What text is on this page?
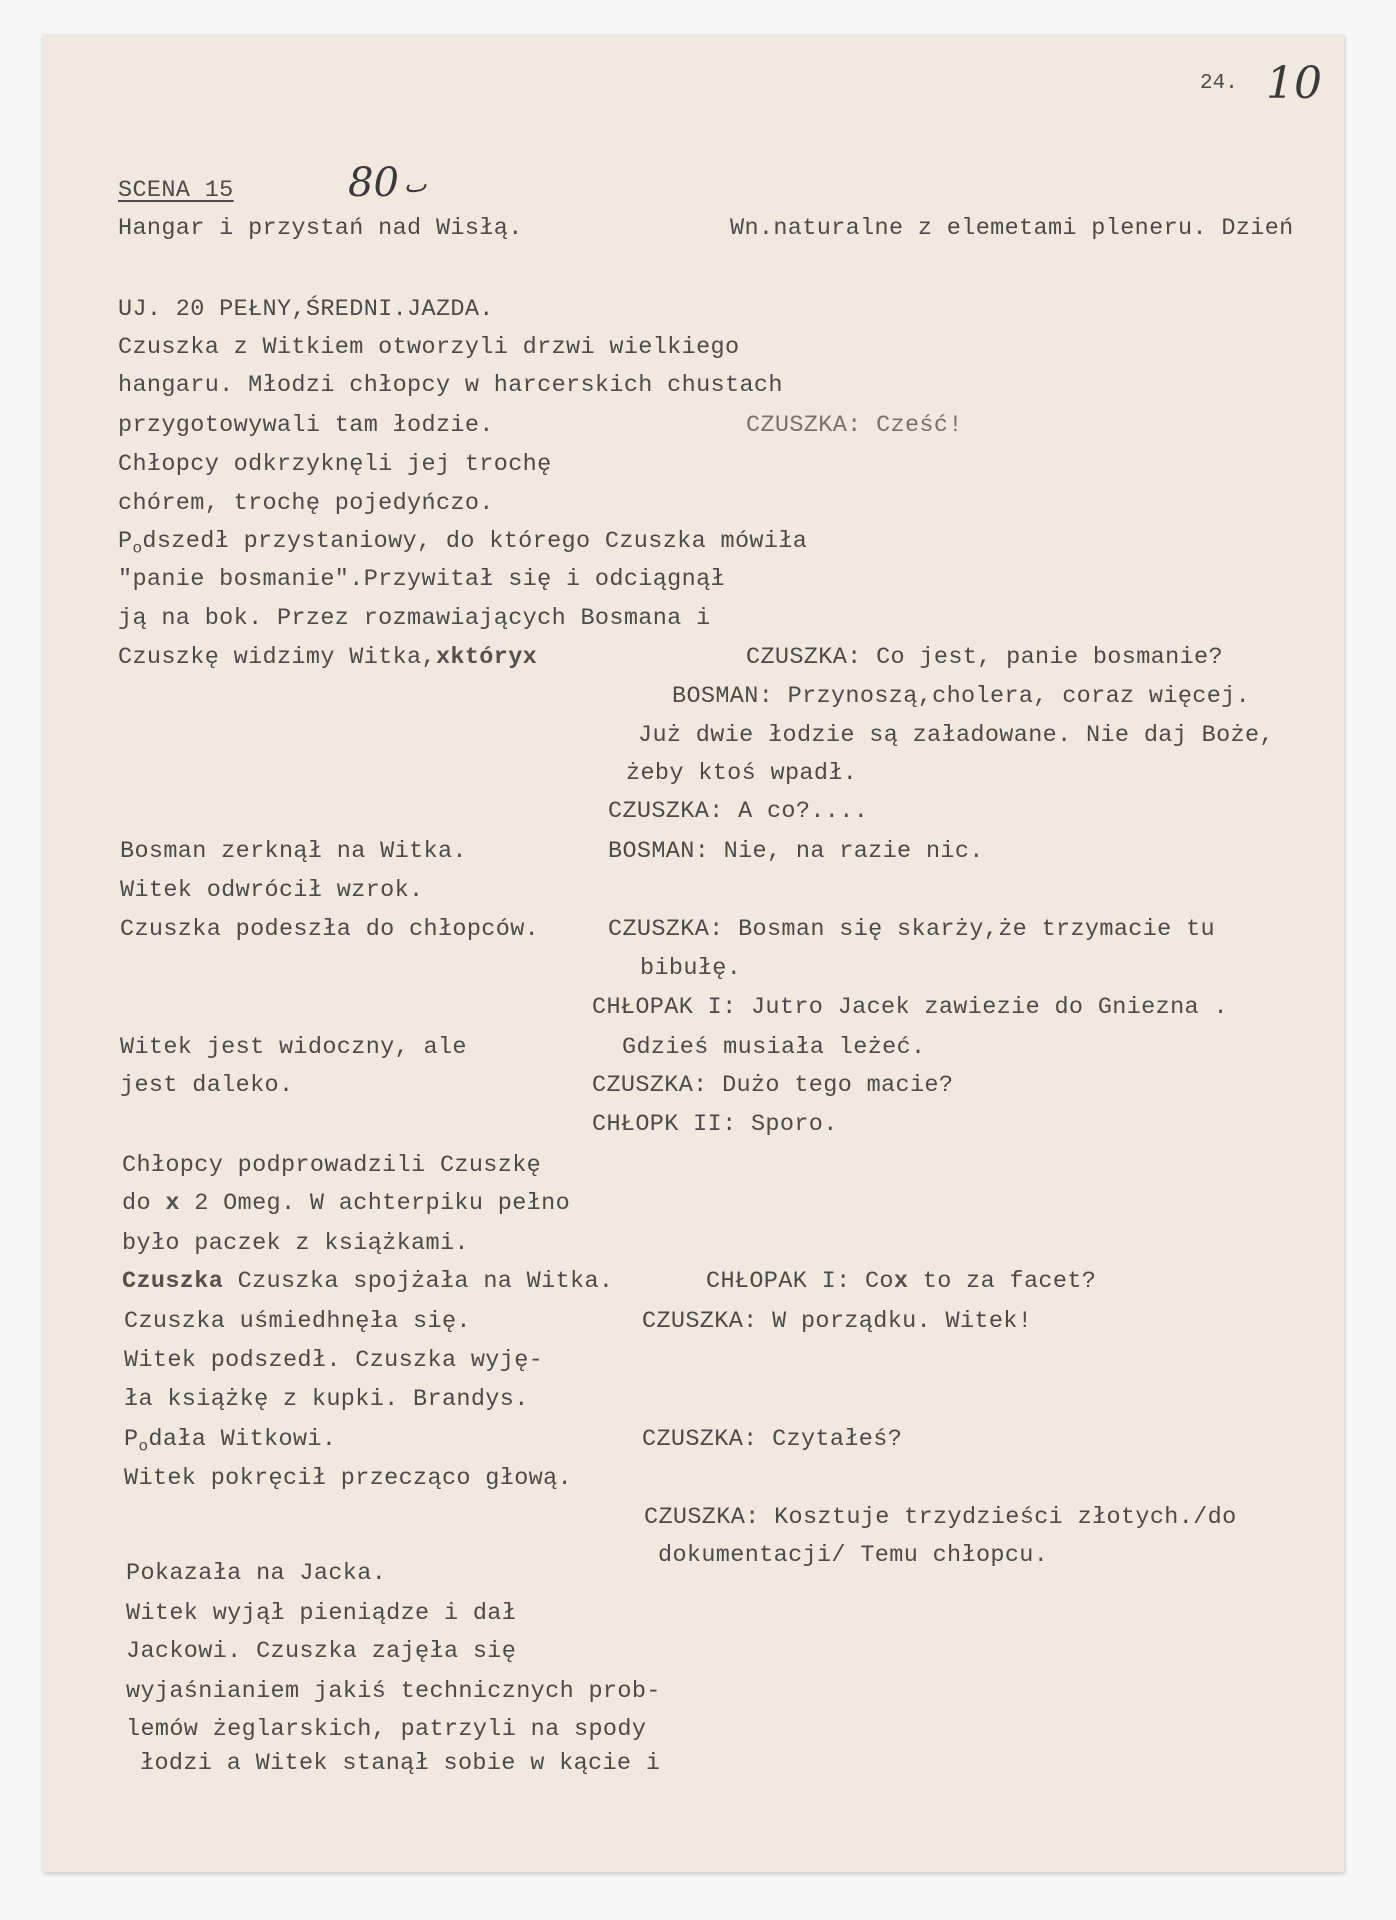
24. 10
SCENA 15	80 ٮ
Hangar i przystań nad Wisłą.	Wn.naturalne z elemetami pleneru. Dzień
UJ. 20 PEŁNY,ŚREDNI.JAZDA.
Czuszka z Witkiem otworzyli drzwi wielkiego
hangaru. Młodzi chłopcy w harcerskich chustach
przygotowywali tam łodzie.	CZUSZKA: Cześć!
Chłopcy odkrzyknęli jej trochę
chórem, trochę pojedyńczo.
$P_odszedł$ przystaniowy, do którego Czuszka mówiła
"panie bosmanie".Przywitał się i odciągnął
ją na bok. Przez rozmawiających Bosmana i
Czuszkę widzimy Witka,xktóryx	CZUSZKA: Co jest, panie bosmanie?
BOSMAN: Przynoszą,cholera, coraz więcej.
Już dwie łodzie są załadowane. Nie daj Boże,
żeby ktoś wpadł.
CZUSZKA: A co?....
Bosman zerknął na Witka.	BOSMAN: Nie, na razie nic.
Witek odwrócił wzrok.
Czuszka podeszła do chłopców.	CZUSZKA: Bosman się skarży,że trzymacie tu
bibułę.
CHŁOPAK I: Jutro Jacek zawiezie do Gniezna .
Witek jest widoczny, ale	Gdzieś musiała leżeć.
jest daleko.	CZUSZKA: Dużo tego macie?
CHŁOPK II: Sporo.
Chłopcy podprowadzili Czuszkę
do x 2 Omeg. W achterpiku pełno
było paczek z książkami.
Czuszka Czuszka spojżała na Witka.	CHŁOPAK I: Cox to za facet?
Czuszka uśmiedhnęła się.	CZUSZKA: W porządku. Witek!
Witek podszedł. Czuszka wyję-
ła książkę z kupki. Brandys.
$P_odała$ Witkowi.	CZUSZKA: Czytałeś?
Witek pokręcił przecząco głową.
CZUSZKA: Kosztuje trzydzieści złotych./do
dokumentacji/ Temu chłopcu.
Pokazała na Jacka.
Witek wyjął pieniądze i dał
Jackowi. Czuszka zajęła się
wyjaśnianiem jakiś technicznych prob-
lemów żeglarskich, patrzyli na spody
łodzi a Witek stanął sobie w kącie i
